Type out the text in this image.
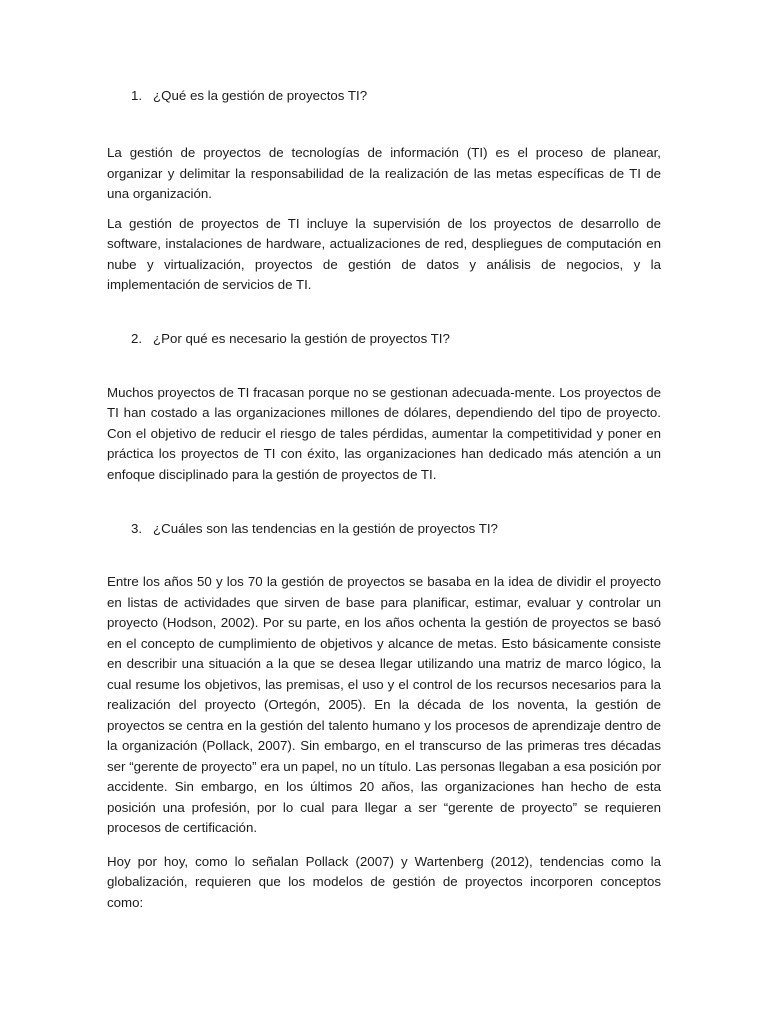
1. ¿Qué es la gestión de proyectos TI?

La gestión de proyectos de tecnologías de información (TI) es el proceso de planear, organizar y delimitar la responsabilidad de la realización de las metas específicas de TI de una organización.

La gestión de proyectos de TI incluye la supervisión de los proyectos de desarrollo de software, instalaciones de hardware, actualizaciones de red, despliegues de computación en nube y virtualización, proyectos de gestión de datos y análisis de negocios, y la implementación de servicios de TI.

2. ¿Por qué es necesario la gestión de proyectos TI?

Muchos proyectos de TI fracasan porque no se gestionan adecuada-mente. Los proyectos de TI han costado a las organizaciones millones de dólares, dependiendo del tipo de proyecto. Con el objetivo de reducir el riesgo de tales pérdidas, aumentar la competitividad y poner en práctica los proyectos de TI con éxito, las organizaciones han dedicado más atención a un enfoque disciplinado para la gestión de proyectos de TI.

3. ¿Cuáles son las tendencias en la gestión de proyectos TI?

Entre los años 50 y los 70 la gestión de proyectos se basaba en la idea de dividir el proyecto en listas de actividades que sirven de base para planificar, estimar, evaluar y controlar un proyecto (Hodson, 2002). Por su parte, en los años ochenta la gestión de proyectos se basó en el concepto de cumplimiento de objetivos y alcance de metas. Esto básicamente consiste en describir una situación a la que se desea llegar utilizando una matriz de marco lógico, la cual resume los objetivos, las premisas, el uso y el control de los recursos necesarios para la realización del proyecto (Ortegón, 2005). En la década de los noventa, la gestión de proyectos se centra en la gestión del talento humano y los procesos de aprendizaje dentro de la organización (Pollack, 2007). Sin embargo, en el transcurso de las primeras tres décadas ser “gerente de proyecto” era un papel, no un título. Las personas llegaban a esa posición por accidente. Sin embargo, en los últimos 20 años, las organizaciones han hecho de esta posición una profesión, por lo cual para llegar a ser “gerente de proyecto” se requieren procesos de certificación.

Hoy por hoy, como lo señalan Pollack (2007) y Wartenberg (2012), tendencias como la globalización, requieren que los modelos de gestión de proyectos incorporen conceptos como:
